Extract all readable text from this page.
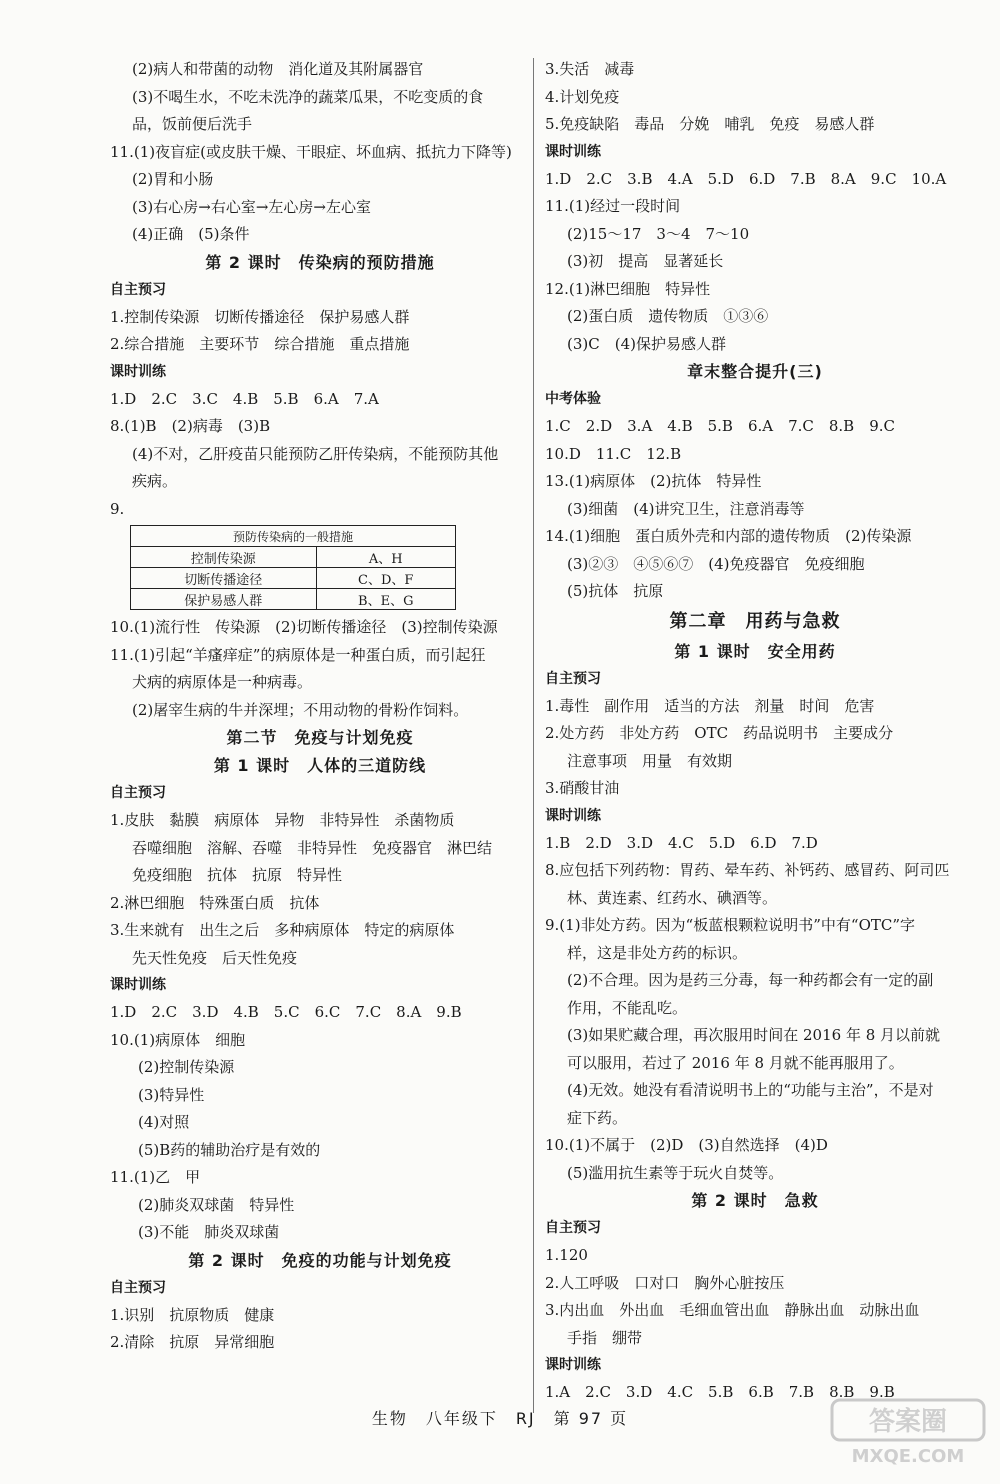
(2)病人和带菌的动物　消化道及其附属器官
(3)不喝生水，不吃未洗净的蔬菜瓜果，不吃变质的食
品，饭前便后洗手
11.(1)夜盲症(或皮肤干燥、干眼症、坏血病、抵抗力下降等)
(2)胃和小肠
(3)右心房→右心室→左心房→左心室
(4)正确　(5)条件
第 2 课时　传染病的预防措施
自主预习
1.控制传染源　切断传播途径　保护易感人群
2.综合措施　主要环节　综合措施　重点措施
课时训练
1.D　2.C　3.C　4.B　5.B　6.A　7.A
8.(1)B　(2)病毒　(3)B
(4)不对，乙肝疫苗只能预防乙肝传染病，不能预防其他
疾病。
9.
预防传染病的一般措施	
控制传染源	A、H
切断传播途径	C、D、F
保护易感人群	B、E、G
10.(1)流行性　传染源　(2)切断传播途径　(3)控制传染源
11.(1)引起“羊瘙痒症”的病原体是一种蛋白质，而引起狂
犬病的病原体是一种病毒。
(2)屠宰生病的牛并深埋；不用动物的骨粉作饲料。
第二节　免疫与计划免疫
第 1 课时　人体的三道防线
自主预习
1.皮肤　黏膜　病原体　异物　非特异性　杀菌物质
吞噬细胞　溶解、吞噬　非特异性　免疫器官　淋巴结
免疫细胞　抗体　抗原　特异性
2.淋巴细胞　特殊蛋白质　抗体
3.生来就有　出生之后　多种病原体　特定的病原体
先天性免疫　后天性免疫
课时训练
1.D　2.C　3.D　4.B　5.C　6.C　7.C　8.A　9.B
10.(1)病原体　细胞
(2)控制传染源
(3)特异性
(4)对照
(5)B药的辅助治疗是有效的
11.(1)乙　甲
(2)肺炎双球菌　特异性
(3)不能　肺炎双球菌
第 2 课时　免疫的功能与计划免疫
自主预习
1.识别　抗原物质　健康
2.清除　抗原　异常细胞
3.失活　减毒
4.计划免疫
5.免疫缺陷　毒品　分娩　哺乳　免疫　易感人群
课时训练
1.D　2.C　3.B　4.A　5.D　6.D　7.B　8.A　9.C　10.A
11.(1)经过一段时间
(2)15～17　3～4　7～10
(3)初　提高　显著延长
12.(1)淋巴细胞　特异性
(2)蛋白质　遗传物质　①③⑥
(3)C　(4)保护易感人群
章末整合提升(三)
中考体验
1.C　2.D　3.A　4.B　5.B　6.A　7.C　8.B　9.C
10.D　11.C　12.B
13.(1)病原体　(2)抗体　特异性
(3)细菌　(4)讲究卫生，注意消毒等
14.(1)细胞　蛋白质外壳和内部的遗传物质　(2)传染源
(3)②③　④⑤⑥⑦　(4)免疫器官　免疫细胞
(5)抗体　抗原
第二章　用药与急救
第 1 课时　安全用药
自主预习
1.毒性　副作用　适当的方法　剂量　时间　危害
2.处方药　非处方药　OTC　药品说明书　主要成分
注意事项　用量　有效期
3.硝酸甘油
课时训练
1.B　2.D　3.D　4.C　5.D　6.D　7.D
8.应包括下列药物：胃药、晕车药、补钙药、感冒药、阿司匹
林、黄连素、红药水、碘酒等。
9.(1)非处方药。因为“板蓝根颗粒说明书”中有“OTC”字
样，这是非处方药的标识。
(2)不合理。因为是药三分毒，每一种药都会有一定的副
作用，不能乱吃。
(3)如果贮藏合理，再次服用时间在 2016 年 8 月以前就
可以服用，若过了 2016 年 8 月就不能再服用了。
(4)无效。她没有看清说明书上的“功能与主治”，不是对
症下药。
10.(1)不属于　(2)D　(3)自然选择　(4)D
(5)滥用抗生素等于玩火自焚等。
第 2 课时　急救
自主预习
1.120
2.人工呼吸　口对口　胸外心脏按压
3.内出血　外出血　毛细血管出血　静脉出血　动脉出血
手指　绷带
课时训练
1.A　2.C　3.D　4.C　5.B　6.B　7.B　8.B　9.B
生物　八年级下　RJ　第 97 页	答案圈
MXQE.COM
